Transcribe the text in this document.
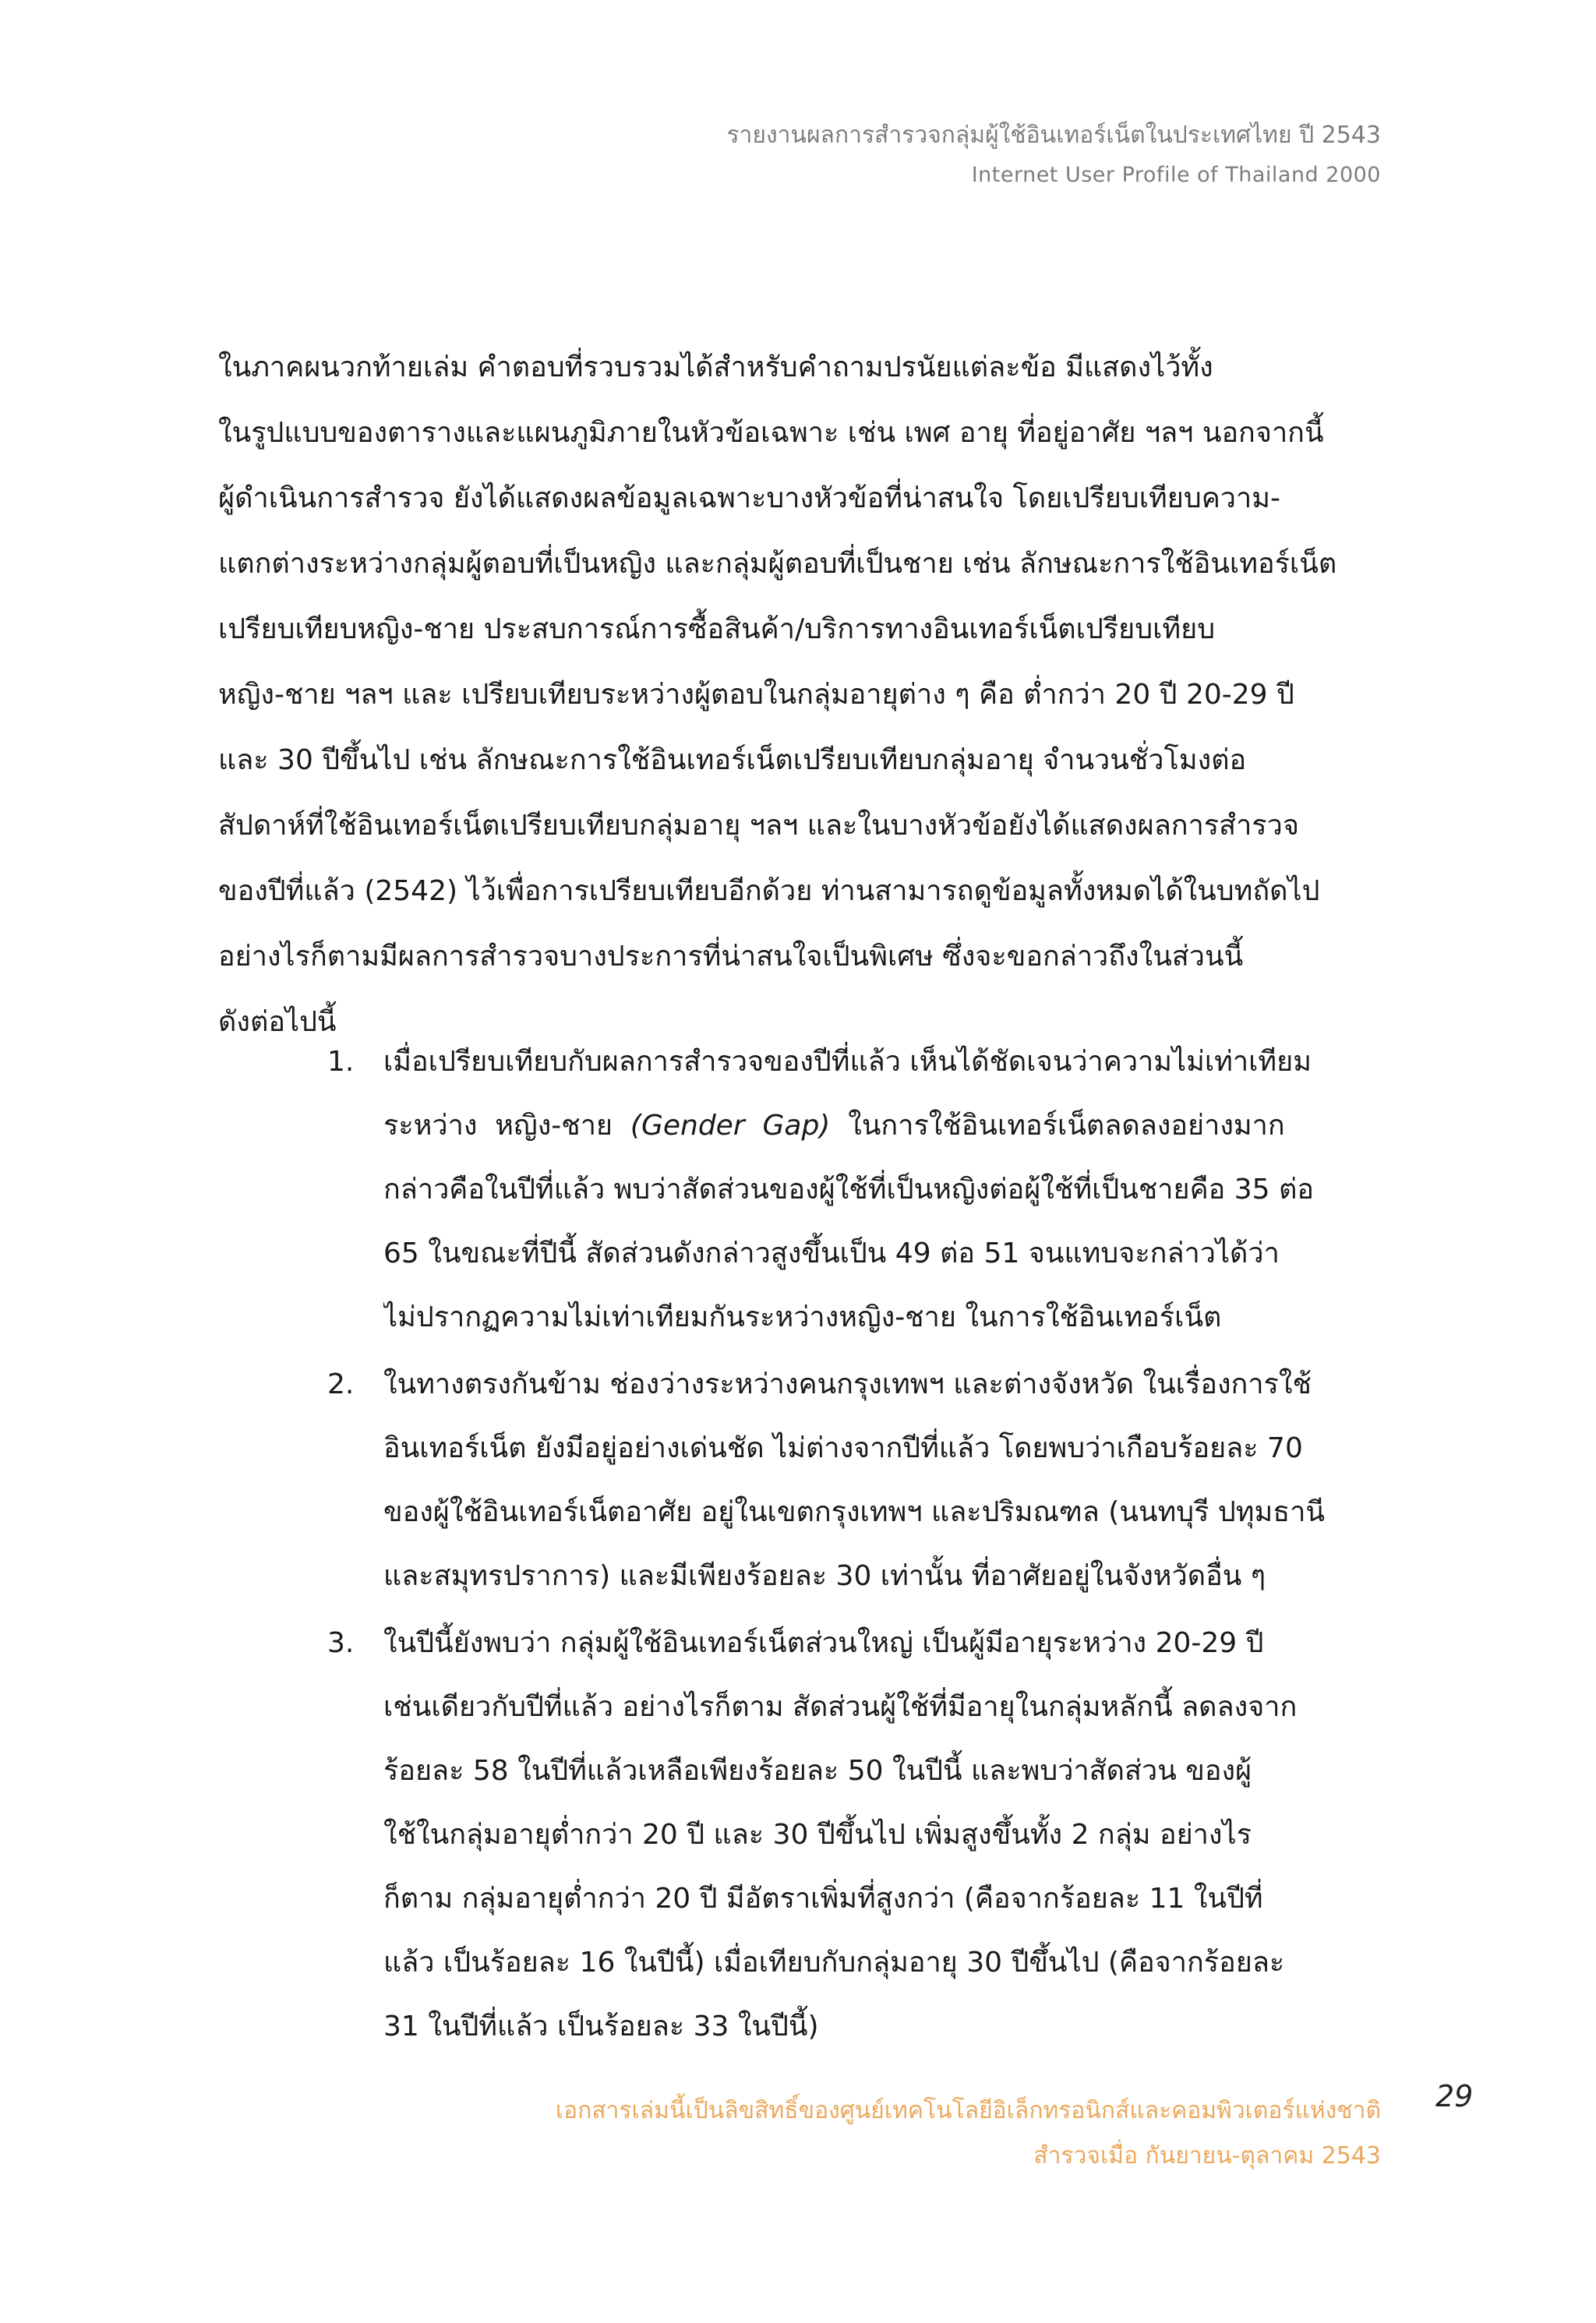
รายงานผลการสำรวจกลุ่มผู้ใช้อินเทอร์เน็ตในประเทศไทย ปี 2543
Internet User Profile of Thailand 2000
ในภาคผนวกท้ายเล่ม คำตอบที่รวบรวมได้สำหรับคำถามปรนัยแต่ละข้อ มีแสดงไว้ทั้ง
ในรูปแบบของตารางและแผนภูมิภายในหัวข้อเฉพาะ เช่น เพศ อายุ ที่อยู่อาศัย ฯลฯ นอกจากนี้
ผู้ดำเนินการสำรวจ ยังได้แสดงผลข้อมูลเฉพาะบางหัวข้อที่น่าสนใจ โดยเปรียบเทียบความ-
แตกต่างระหว่างกลุ่มผู้ตอบที่เป็นหญิง และกลุ่มผู้ตอบที่เป็นชาย เช่น ลักษณะการใช้อินเทอร์เน็ต
เปรียบเทียบหญิง-ชาย ประสบการณ์การซื้อสินค้า/บริการทางอินเทอร์เน็ตเปรียบเทียบ
หญิง-ชาย ฯลฯ และ เปรียบเทียบระหว่างผู้ตอบในกลุ่มอายุต่าง ๆ คือ ต่ำกว่า 20 ปี 20-29 ปี
และ 30 ปีขึ้นไป เช่น ลักษณะการใช้อินเทอร์เน็ตเปรียบเทียบกลุ่มอายุ จำนวนชั่วโมงต่อ
สัปดาห์ที่ใช้อินเทอร์เน็ตเปรียบเทียบกลุ่มอายุ ฯลฯ และในบางหัวข้อยังได้แสดงผลการสำรวจ
ของปีที่แล้ว (2542) ไว้เพื่อการเปรียบเทียบอีกด้วย ท่านสามารถดูข้อมูลทั้งหมดได้ในบทถัดไป
อย่างไรก็ตามมีผลการสำรวจบางประการที่น่าสนใจเป็นพิเศษ ซึ่งจะขอกล่าวถึงในส่วนนี้
ดังต่อไปนี้
1. เมื่อเปรียบเทียบกับผลการสำรวจของปีที่แล้ว เห็นได้ชัดเจนว่าความไม่เท่าเทียม
ระหว่าง  หญิง-ชาย  (Gender  Gap)  ในการใช้อินเทอร์เน็ตลดลงอย่างมาก
กล่าวคือในปีที่แล้ว พบว่าสัดส่วนของผู้ใช้ที่เป็นหญิงต่อผู้ใช้ที่เป็นชายคือ 35 ต่อ
65 ในขณะที่ปีนี้ สัดส่วนดังกล่าวสูงขึ้นเป็น 49 ต่อ 51 จนแทบจะกล่าวได้ว่า
ไม่ปรากฏความไม่เท่าเทียมกันระหว่างหญิง-ชาย ในการใช้อินเทอร์เน็ต
2. ในทางตรงกันข้าม ช่องว่างระหว่างคนกรุงเทพฯ และต่างจังหวัด ในเรื่องการใช้
อินเทอร์เน็ต ยังมีอยู่อย่างเด่นชัด ไม่ต่างจากปีที่แล้ว โดยพบว่าเกือบร้อยละ 70
ของผู้ใช้อินเทอร์เน็ตอาศัย อยู่ในเขตกรุงเทพฯ และปริมณฑล (นนทบุรี ปทุมธานี
และสมุทรปราการ) และมีเพียงร้อยละ 30 เท่านั้น ที่อาศัยอยู่ในจังหวัดอื่น ๆ
3. ในปีนี้ยังพบว่า กลุ่มผู้ใช้อินเทอร์เน็ตส่วนใหญ่ เป็นผู้มีอายุระหว่าง 20-29 ปี
เช่นเดียวกับปีที่แล้ว อย่างไรก็ตาม สัดส่วนผู้ใช้ที่มีอายุในกลุ่มหลักนี้ ลดลงจาก
ร้อยละ 58 ในปีที่แล้วเหลือเพียงร้อยละ 50 ในปีนี้ และพบว่าสัดส่วน ของผู้
ใช้ในกลุ่มอายุต่ำกว่า 20 ปี และ 30 ปีขึ้นไป เพิ่มสูงขึ้นทั้ง 2 กลุ่ม อย่างไร
ก็ตาม กลุ่มอายุต่ำกว่า 20 ปี มีอัตราเพิ่มที่สูงกว่า (คือจากร้อยละ 11 ในปีที่
แล้ว เป็นร้อยละ 16 ในปีนี้) เมื่อเทียบกับกลุ่มอายุ 30 ปีขึ้นไป (คือจากร้อยละ
31 ในปีที่แล้ว เป็นร้อยละ 33 ในปีนี้)
เอกสารเล่มนี้เป็นลิขสิทธิ์ของศูนย์เทคโนโลยีอิเล็กทรอนิกส์และคอมพิวเตอร์แห่งชาติ
สำรวจเมื่อ กันยายน-ตุลาคม 2543
29
